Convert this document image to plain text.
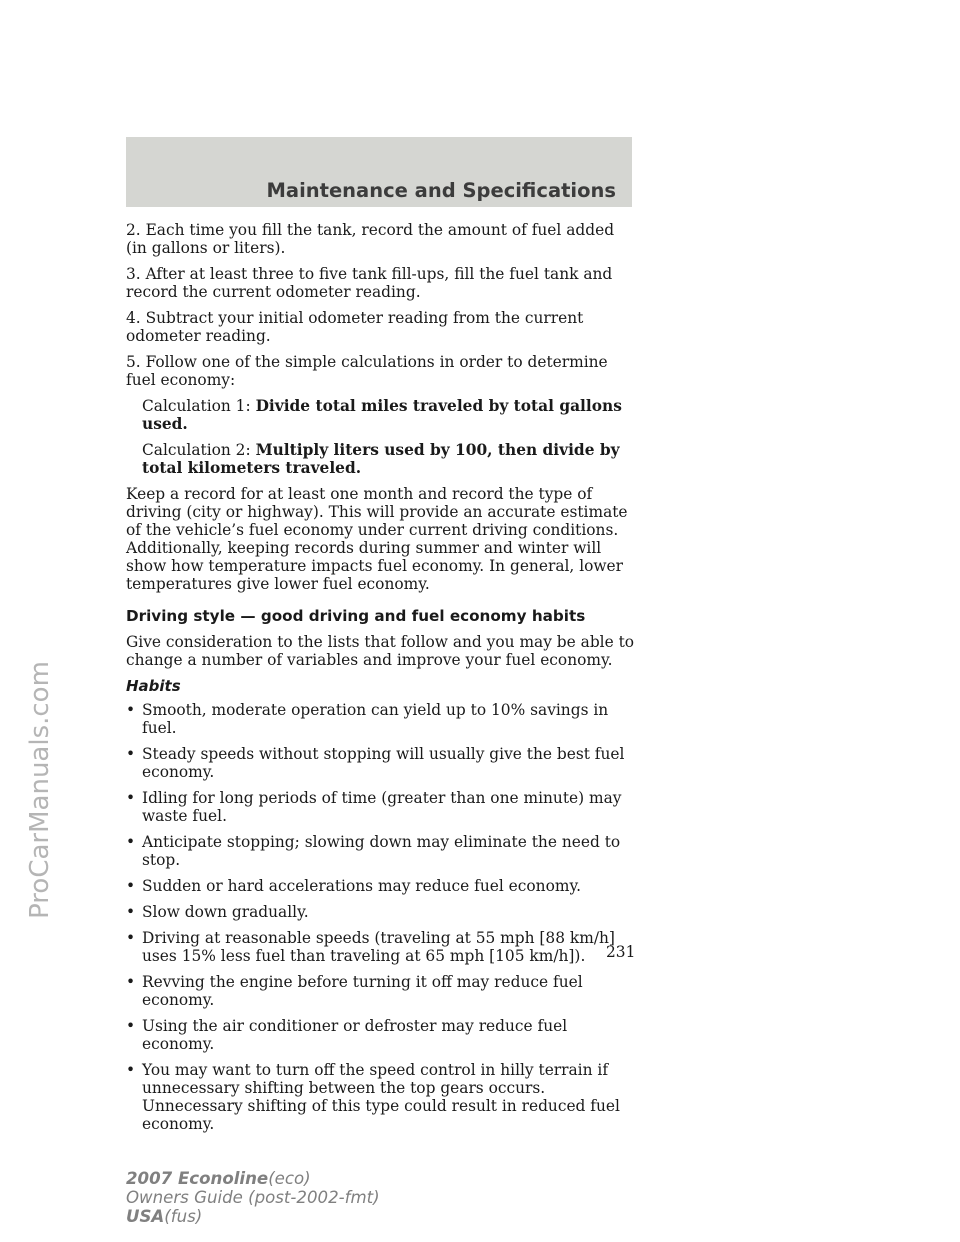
Maintenance and Specifications

2. Each time you fill the tank, record the amount of fuel added (in gallons or liters).

3. After at least three to five tank fill-ups, fill the fuel tank and record the current odometer reading.

4. Subtract your initial odometer reading from the current odometer reading.

5. Follow one of the simple calculations in order to determine fuel economy:

Calculation 1: Divide total miles traveled by total gallons used.

Calculation 2: Multiply liters used by 100, then divide by total kilometers traveled.

Keep a record for at least one month and record the type of driving (city or highway). This will provide an accurate estimate of the vehicle’s fuel economy under current driving conditions. Additionally, keeping records during summer and winter will show how temperature impacts fuel economy. In general, lower temperatures give lower fuel economy.

Driving style — good driving and fuel economy habits

Give consideration to the lists that follow and you may be able to change a number of variables and improve your fuel economy.

Habits
• Smooth, moderate operation can yield up to 10% savings in fuel.
• Steady speeds without stopping will usually give the best fuel economy.
• Idling for long periods of time (greater than one minute) may waste fuel.
• Anticipate stopping; slowing down may eliminate the need to stop.
• Sudden or hard accelerations may reduce fuel economy.
• Slow down gradually.
• Driving at reasonable speeds (traveling at 55 mph [88 km/h] uses 15% less fuel than traveling at 65 mph [105 km/h]).
• Revving the engine before turning it off may reduce fuel economy.
• Using the air conditioner or defroster may reduce fuel economy.
• You may want to turn off the speed control in hilly terrain if unnecessary shifting between the top gears occurs. Unnecessary shifting of this type could result in reduced fuel economy.
231
2007 Econoline(eco)
Owners Guide (post-2002-fmt)
USA(fus)
ProCarManuals.com
